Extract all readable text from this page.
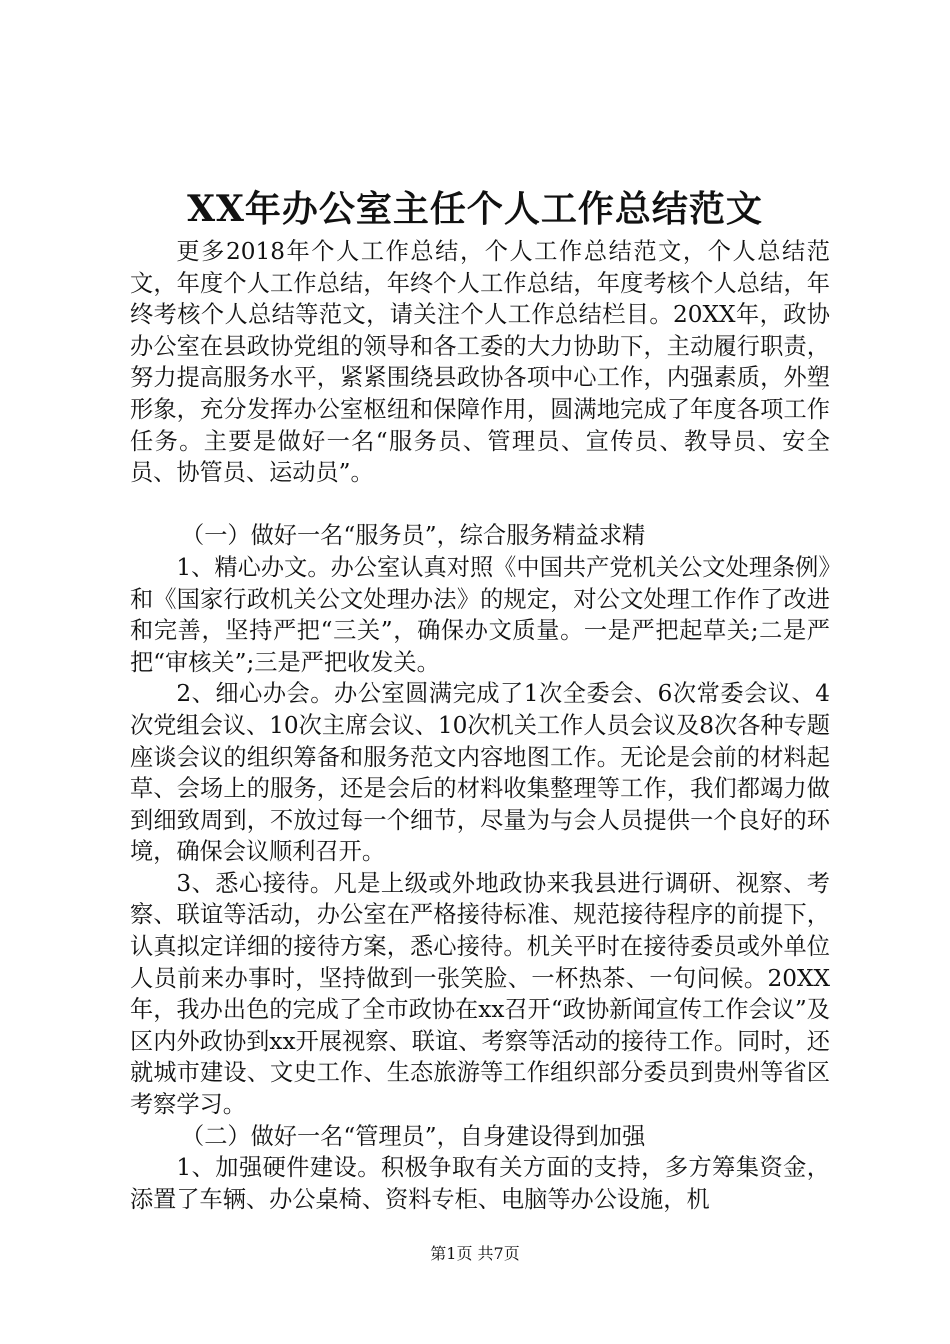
XX年办公室主任个人工作总结范文

更多2018年个人工作总结，个人工作总结范文，个人总结范文，年度个人工作总结，年终个人工作总结，年度考核个人总结，年终考核个人总结等范文，请关注个人工作总结栏目。20XX年，政协办公室在县政协党组的领导和各工委的大力协助下，主动履行职责，努力提高服务水平，紧紧围绕县政协各项中心工作，内强素质，外塑形象，充分发挥办公室枢纽和保障作用，圆满地完成了年度各项工作任务。主要是做好一名“服务员、管理员、宣传员、教导员、安全员、协管员、运动员”。

（一）做好一名“服务员”，综合服务精益求精

1、精心办文。办公室认真对照《中国共产党机关公文处理条例》和《国家行政机关公文处理办法》的规定，对公文处理工作作了改进和完善，坚持严把“三关”，确保办文质量。一是严把起草关;二是严把“审核关”;三是严把收发关。

2、细心办会。办公室圆满完成了1次全委会、6次常委会议、4次党组会议、10次主席会议、10次机关工作人员会议及8次各种专题座谈会议的组织筹备和服务范文内容地图工作。无论是会前的材料起草、会场上的服务，还是会后的材料收集整理等工作，我们都竭力做到细致周到，不放过每一个细节，尽量为与会人员提供一个良好的环境，确保会议顺利召开。

3、悉心接待。凡是上级或外地政协来我县进行调研、视察、考察、联谊等活动，办公室在严格接待标准、规范接待程序的前提下，认真拟定详细的接待方案，悉心接待。机关平时在接待委员或外单位人员前来办事时，坚持做到一张笑脸、一杯热茶、一句问候。20XX年，我办出色的完成了全市政协在xx召开“政协新闻宣传工作会议”及区内外政协到xx开展视察、联谊、考察等活动的接待工作。同时，还就城市建设、文史工作、生态旅游等工作组织部分委员到贵州等省区考察学习。

（二）做好一名“管理员”，自身建设得到加强

1、加强硬件建设。积极争取有关方面的支持，多方筹集资金，添置了车辆、办公桌椅、资料专柜、电脑等办公设施，机

第1页 共7页
